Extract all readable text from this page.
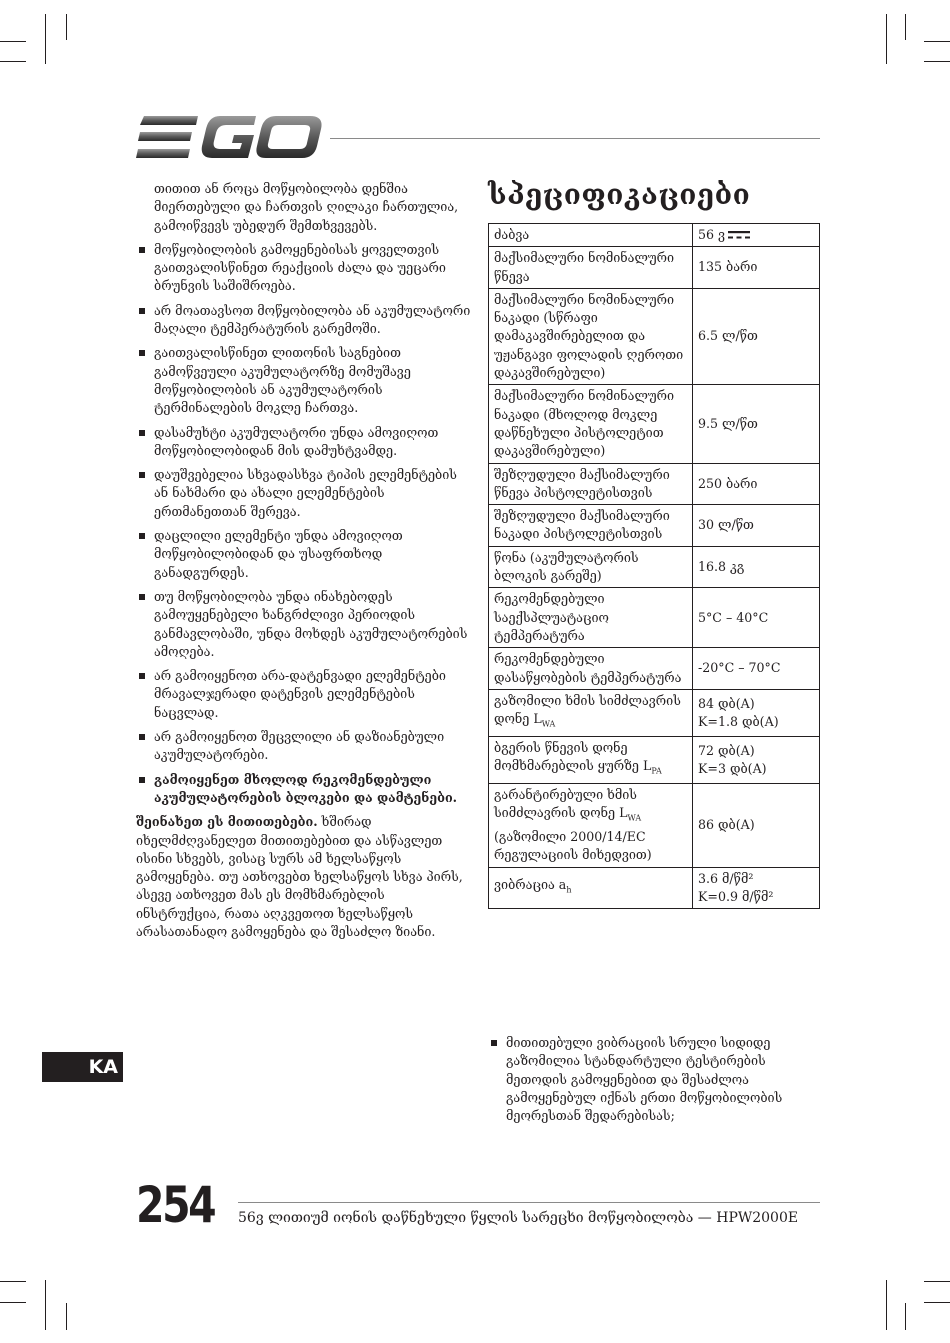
თითით ან როცა მოწყობილობა დენშია მიერთებული და ჩართვის ღილაკი ჩართულია, გამოიწვევს უბედურ შემთხვევებს.

მოწყობილობის გამოყენებისას ყოველთვის გაითვალისწინეთ რეაქციის ძალა და უეცარი ბრუნვის საშიშროება.
არ მოათავსოთ მოწყობილობა ან აკუმულატორი მაღალი ტემპერატურის გარემოში.
გაითვალისწინეთ ლითონის საგნებით გამოწვეული აკუმულატორზე მომუშავე მოწყობილობის ან აკუმულატორის ტერმინალების მოკლე ჩართვა.
დასამუხტი აკუმულატორი უნდა ამოვიღოთ მოწყობილობიდან მის დამუხტვამდე.
დაუშვებელია სხვადასხვა ტიპის ელემენტების ან ნახმარი და ახალი ელემენტების ერთმანეთთან შერევა.
დაცლილი ელემენტი უნდა ამოვიღოთ მოწყობილობიდან და უსაფრთხოდ განადგურდეს.
თუ მოწყობილობა უნდა ინახებოდეს გამოუყენებელი ხანგრძლივი პერიოდის განმავლობაში, უნდა მოხდეს აკუმულატორების ამოღება.
არ გამოიყენოთ არა-დატენვადი ელემენტები მრავალჯერადი დატენვის ელემენტების ნაცვლად.
არ გამოიყენოთ შეცვლილი ან დაზიანებული აკუმულატორები.
გამოიყენეთ მხოლოდ რეკომენდებული აკუმულატორების ბლოკები და დამტენები.

შეინახეთ ეს მითითებები. ხშირად იხელმძღვანელეთ მითითებებით და ასწავლეთ ისინი სხვებს, ვისაც სურს ამ ხელსაწყოს გამოყენება. თუ ათხოვებთ ხელსაწყოს სხვა პირს, ასევე ათხოვეთ მას ეს მომხმარებლის ინსტრუქცია, რათა აღკვეთოთ ხელსაწყოს არასათანადო გამოყენება და შესაძლო ზიანი.

სპეციფიკაციები
ძაბვა	56 ვ
მაქსიმალური ნომინალური წნევა	135 ბარი
მაქსიმალური ნომინალური ნაკადი (სწრაფი დამაკავშირებელით და უჟანგავი ფოლადის ღეროთი დაკავშირებული)	6.5 ლ/წთ
მაქსიმალური ნომინალური ნაკადი (მხოლოდ მოკლე დაწნეხული პისტოლეტით დაკავშირებული)	9.5 ლ/წთ
შეზღუდული მაქსიმალური წნევა პისტოლეტისთვის	250 ბარი
შეზღუდული მაქსიმალური ნაკადი პისტოლეტისთვის	30 ლ/წთ
წონა (აკუმულატორის ბლოკის გარეშე)	16.8 კგ
რეკომენდებული საექსპლუატაციო ტემპერატურა	5°C – 40°C
რეკომენდებული დასაწყობების ტემპერატურა	-20°C – 70°C
გაზომილი ხმის სიმძლავრის დონე $L_{WA}$	84 დბ(A)
K=1.8 დბ(A)
ბგერის წნევის დონე მომხმარებლის ყურზე $L_{PA}$	72 დბ(A)
K=3 დბ(A)
გარანტირებული ხმის სიმძლავრის დონე $L_{WA}$ (გაზომილი 2000/14/EC რეგულაციის მიხედვით)	86 დბ(A)
ვიბრაცია $a_h$	3.6 მ/წმ²
K=0.9 მ/წმ²
მითითებული ვიბრაციის სრული სიდიდე გაზომილია სტანდარტული ტესტირების მეთოდის გამოყენებით და შესაძლოა გამოყენებულ იქნას ერთი მოწყობილობის მეორესთან შედარებისას;
KA
254 56ვ ლითიუმ იონის დაწნეხული წყლის სარეცხი მოწყობილობა — HPW2000E
